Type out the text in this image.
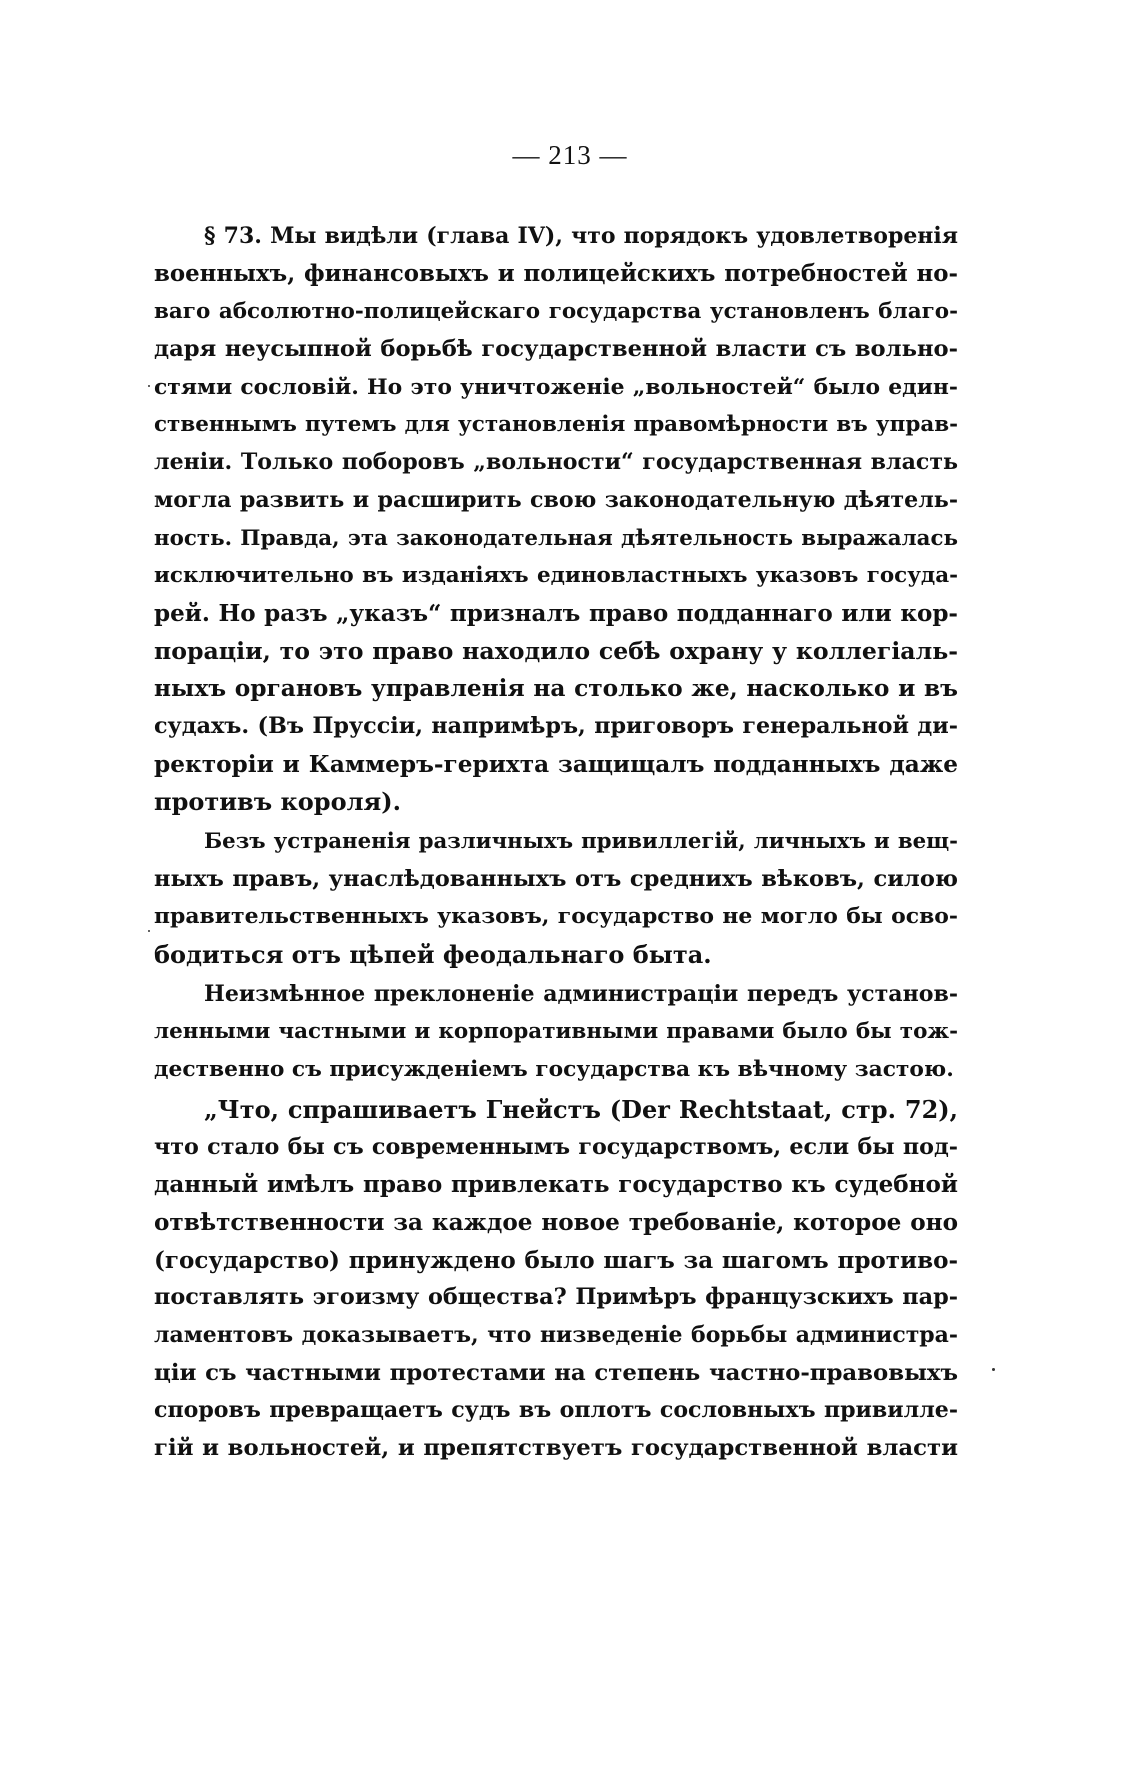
— 213 —
§ 73. Мы видѣли (глава IV), что порядокъ удовлетворенія
военныхъ, финансовыхъ и полицейскихъ потребностей но-
ваго абсолютно-полицейскаго государства установленъ благо-
даря неусыпной борьбѣ государственной власти съ вольно-
стями сословій. Но это уничтоженіе „вольностей“ было един-
ственнымъ путемъ для установленія правомѣрности въ управ-
леніи. Только поборовъ „вольности“ государственная власть
могла развить и расширить свою законодательную дѣятель-
ность. Правда, эта законодательная дѣятельность выражалась
исключительно въ изданіяхъ единовластныхъ указовъ госуда-
рей. Но разъ „указъ“ призналъ право подданнаго или кор-
пораціи, то это право находило себѣ охрану у коллегіаль-
ныхъ органовъ управленія на столько же, насколько и въ
судахъ. (Въ Пруссіи, напримѣръ, приговоръ генеральной ди-
ректоріи и Каммеръ-герихта защищалъ подданныхъ даже
противъ короля).
Безъ устраненія различныхъ привиллегій, личныхъ и вещ-
ныхъ правъ, унаслѣдованныхъ отъ среднихъ вѣковъ, силою
правительственныхъ указовъ, государство не могло бы осво-
бодиться отъ цѣпей феодальнаго быта.
Неизмѣнное преклоненіе администраціи передъ установ-
ленными частными и корпоративными правами было бы тож-
дественно съ присужденіемъ государства къ вѣчному застою.
„Что, спрашиваетъ Гнейстъ (Der Rechtstaat, стр. 72),
что стало бы съ современнымъ государствомъ, если бы под-
данный имѣлъ право привлекать государство къ судебной
отвѣтственности за каждое новое требованіе, которое оно
(государство) принуждено было шагъ за шагомъ противо-
поставлять эгоизму общества? Примѣръ французскихъ пар-
ламентовъ доказываетъ, что низведеніе борьбы администра-
ціи съ частными протестами на степень частно-правовыхъ
споровъ превращаетъ судъ въ оплотъ сословныхъ привилле-
гій и вольностей, и препятствуетъ государственной власти
